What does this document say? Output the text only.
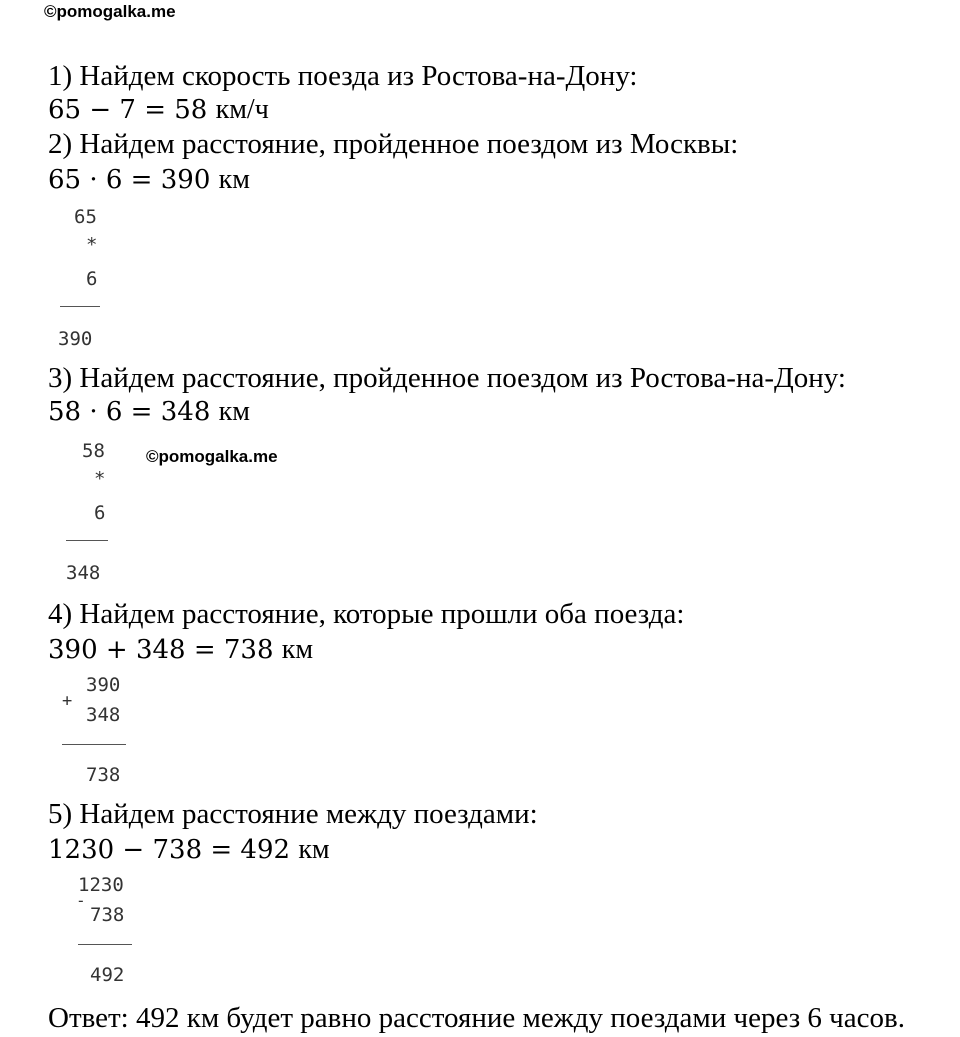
©pomogalka.me
1) Найдем скорость поезда из Ростова-на-Дону:
65 − 7 = 58 км/ч
2) Найдем расстояние, пройденное поездом из Москвы:
65 · 6 = 390 км
65
*
6
390
3) Найдем расстояние, пройденное поездом из Ростова-на-Дону:
58 · 6 = 348 км
58 ©pomogalka.me
*
6
348
4) Найдем расстояние, которые прошли оба поезда:
390 + 348 = 738 км
390
+
348
738
5) Найдем расстояние между поездами:
1230 − 738 = 492 км
1230
-
738
492
Ответ: 492 км будет равно расстояние между поездами через 6 часов.
